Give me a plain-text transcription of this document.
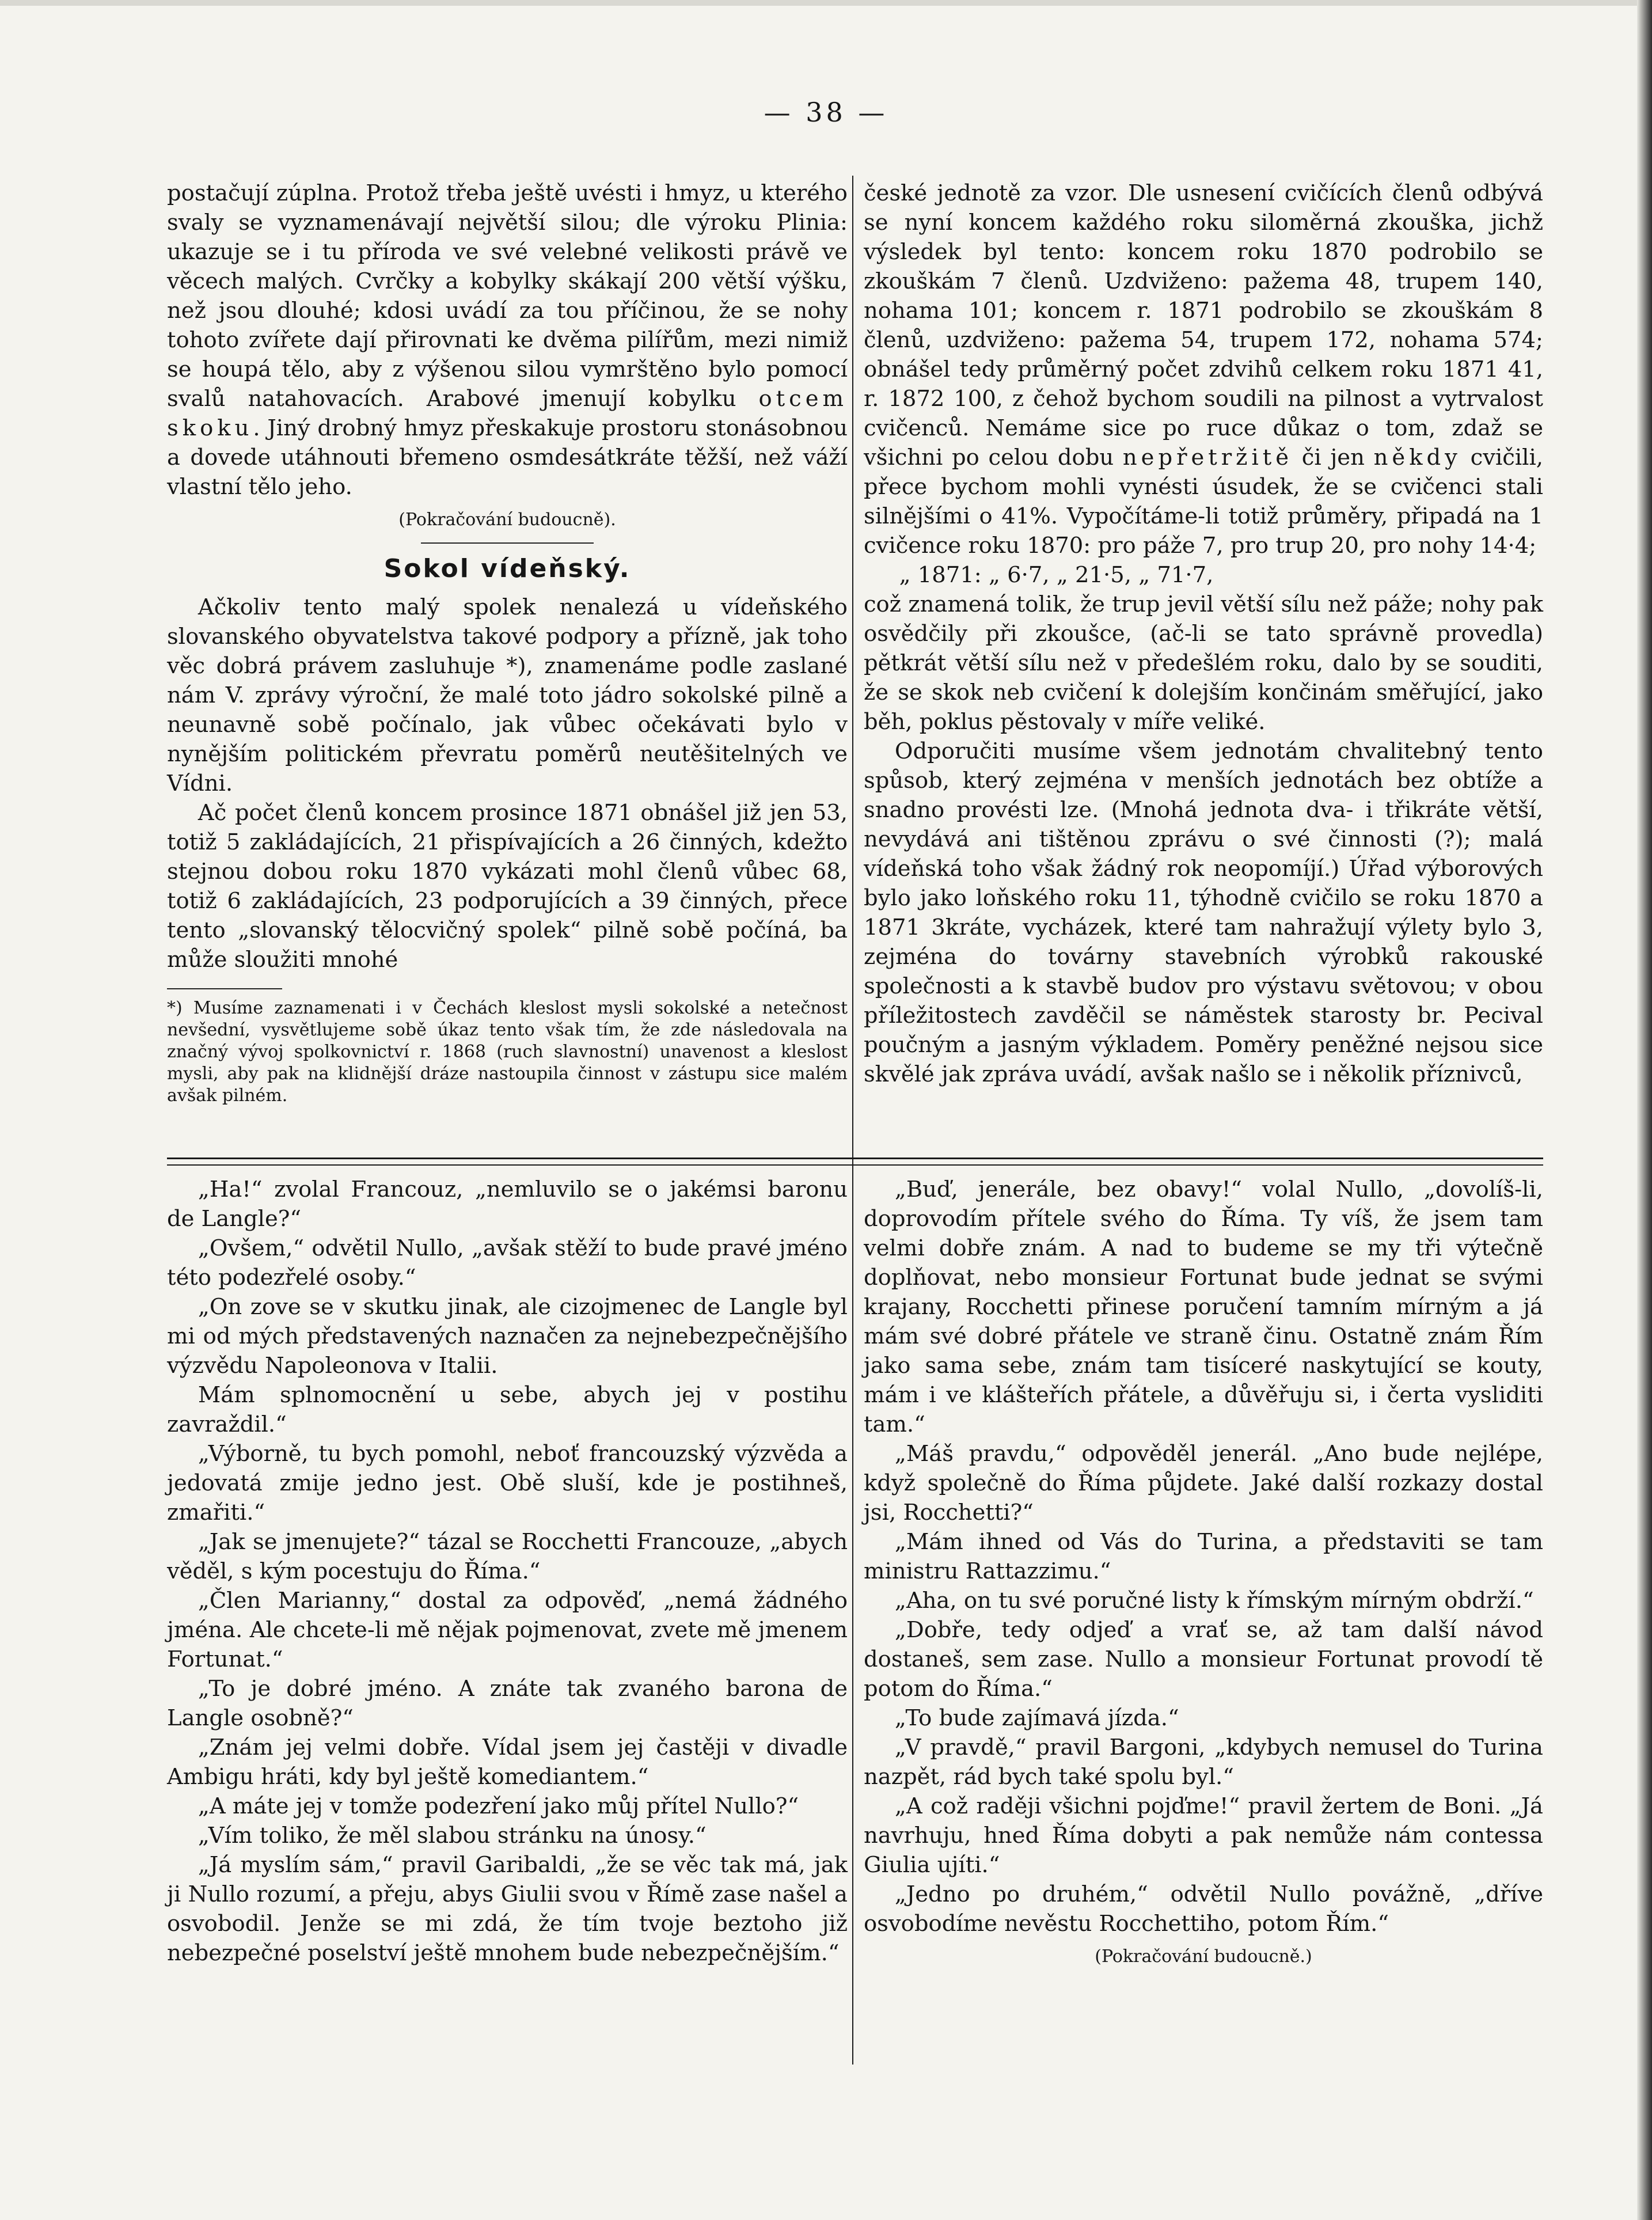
— 38 —

postačují zúplna. Protož třeba ještě uvésti i hmyz, u kterého svaly se vyznamenávají největší silou; dle výroku Plinia: ukazuje se i tu příroda ve své velebné velikosti právě ve věcech malých. Cvrčky a kobylky skákají 200 větší výšku, než jsou dlouhé; kdosi uvádí za tou příčinou, že se nohy tohoto zvířete dají přirovnati ke dvěma pilířům, mezi nimiž se houpá tělo, aby z výšenou silou vymrštěno bylo pomocí svalů natahovacích. Arabové jmenují kobylku otcem skoku. Jiný drobný hmyz přeskakuje prostoru stonásobnou a dovede utáhnouti břemeno osmdesátkráte těžší, než váží vlastní tělo jeho.

(Pokračování budoucně).

Sokol vídeňský.

Ačkoliv tento malý spolek nenalezá u vídeňského slovanského obyvatelstva takové podpory a přízně, jak toho věc dobrá právem zasluhuje *), znamenáme podle zaslané nám V. zprávy výroční, že malé toto jádro sokolské pilně a neunavně sobě počínalo, jak vůbec očekávati bylo v nynějším politickém převratu poměrů neutěšitelných ve Vídni.

Ač počet členů koncem prosince 1871 obnášel již jen 53, totiž 5 zakládajících, 21 přispívajících a 26 činných, kdežto stejnou dobou roku 1870 vykázati mohl členů vůbec 68, totiž 6 zakládajících, 23 podporujících a 39 činných, přece tento „slovanský tělocvičný spolek“ pilně sobě počíná, ba může sloužiti mnohé

*) Musíme zaznamenati i v Čechách kleslost mysli sokolské a netečnost nevšední, vysvětlujeme sobě úkaz tento však tím, že zde následovala na značný vývoj spolkovnictví r. 1868 (ruch slavnostní) unavenost a kleslost mysli, aby pak na klidnější dráze nastoupila činnost v zástupu sice malém avšak pilném.

české jednotě za vzor. Dle usnesení cvičících členů odbývá se nyní koncem každého roku siloměrná zkouška, jichž výsledek byl tento: koncem roku 1870 podrobilo se zkouškám 7 členů. Uzdviženo: pažema 48, trupem 140, nohama 101; koncem r. 1871 podrobilo se zkouškám 8 členů, uzdviženo: pažema 54, trupem 172, nohama 574; obnášel tedy průměrný počet zdvihů celkem roku 1871 41, r. 1872 100, z čehož bychom soudili na pilnost a vytrvalost cvičenců. Nemáme sice po ruce důkaz o tom, zdaž se všichni po celou dobu nepřetržitě či jen někdy cvičili, přece bychom mohli vynésti úsudek, že se cvičenci stali silnějšími o 41%. Vypočítáme-li totiž průměry, připadá na 1 cvičence roku 1870: pro páže 7, pro trup 20, pro nohy 14·4;

„ 1871: „ 6·7, „ 21·5, „ 71·7,

což znamená tolik, že trup jevil větší sílu než páže; nohy pak osvědčily při zkoušce, (ač-li se tato správně provedla) pětkrát větší sílu než v předešlém roku, dalo by se souditi, že se skok neb cvičení k dolejším končinám směřující, jako běh, poklus pěstovaly v míře veliké.

Odporučiti musíme všem jednotám chvalitebný tento spůsob, který zejména v menších jednotách bez obtíže a snadno provésti lze. (Mnohá jednota dva- i třikráte větší, nevydává ani tištěnou zprávu o své činnosti (?); malá vídeňská toho však žádný rok neopomíjí.) Úřad výborových bylo jako loňského roku 11, týhodně cvičilo se roku 1870 a 1871 3kráte, vycházek, které tam nahražují výlety bylo 3, zejména do továrny stavebních výrobků rakouské společnosti a k stavbě budov pro výstavu světovou; v obou příležitostech zavděčil se náměstek starosty br. Pecival poučným a jasným výkladem. Poměry peněžné nejsou sice skvělé jak zpráva uvádí, avšak našlo se i několik příznivců,

„Ha!“ zvolal Francouz, „nemluvilo se o jakémsi baronu de Langle?“

„Ovšem,“ odvětil Nullo, „avšak stěží to bude pravé jméno této podezřelé osoby.“

„On zove se v skutku jinak, ale cizojmenec de Langle byl mi od mých představených naznačen za nejnebezpečnějšího výzvědu Napoleonova v Italii.

Mám splnomocnění u sebe, abych jej v postihu zavraždil.“

„Výborně, tu bych pomohl, neboť francouzský výzvěda a jedovatá zmije jedno jest. Obě sluší, kde je postihneš, zmařiti.“

„Jak se jmenujete?“ tázal se Rocchetti Francouze, „abych věděl, s kým pocestuju do Říma.“

„Člen Marianny,“ dostal za odpověď, „nemá žádného jména. Ale chcete-li mě nějak pojmenovat, zvete mě jmenem Fortunat.“

„To je dobré jméno. A znáte tak zvaného barona de Langle osobně?“

„Znám jej velmi dobře. Vídal jsem jej častěji v divadle Ambigu hráti, kdy byl ještě komediantem.“

„A máte jej v tomže podezření jako můj přítel Nullo?“

„Vím toliko, že měl slabou stránku na únosy.“

„Já myslím sám,“ pravil Garibaldi, „že se věc tak má, jak ji Nullo rozumí, a přeju, abys Giulii svou v Římě zase našel a osvobodil. Jenže se mi zdá, že tím tvoje beztoho již nebezpečné poselství ještě mnohem bude nebezpečnějším.“

„Buď, jenerále, bez obavy!“ volal Nullo, „dovolíš-li, doprovodím přítele svého do Říma. Ty víš, že jsem tam velmi dobře znám. A nad to budeme se my tři výtečně doplňovat, nebo monsieur Fortunat bude jednat se svými krajany, Rocchetti přinese poručení tamním mírným a já mám své dobré přátele ve straně činu. Ostatně znám Řím jako sama sebe, znám tam tisíceré naskytující se kouty, mám i ve klášteřích přátele, a důvěřuju si, i čerta vysliditi tam.“

„Máš pravdu,“ odpověděl jenerál. „Ano bude nejlépe, když společně do Říma půjdete. Jaké další rozkazy dostal jsi, Rocchetti?“

„Mám ihned od Vás do Turina, a představiti se tam ministru Rattazzimu.“

„Aha, on tu své poručné listy k římským mírným obdrží.“

„Dobře, tedy odjeď a vrať se, až tam další návod dostaneš, sem zase. Nullo a monsieur Fortunat provodí tě potom do Říma.“

„To bude zajímavá jízda.“

„V pravdě,“ pravil Bargoni, „kdybych nemusel do Turina nazpět, rád bych také spolu byl.“

„A což raději všichni pojďme!“ pravil žertem de Boni. „Já navrhuju, hned Říma dobyti a pak nemůže nám contessa Giulia ujíti.“

„Jedno po druhém,“ odvětil Nullo povážně, „dříve osvobodíme nevěstu Rocchettiho, potom Řím.“

(Pokračování budoucně.)
